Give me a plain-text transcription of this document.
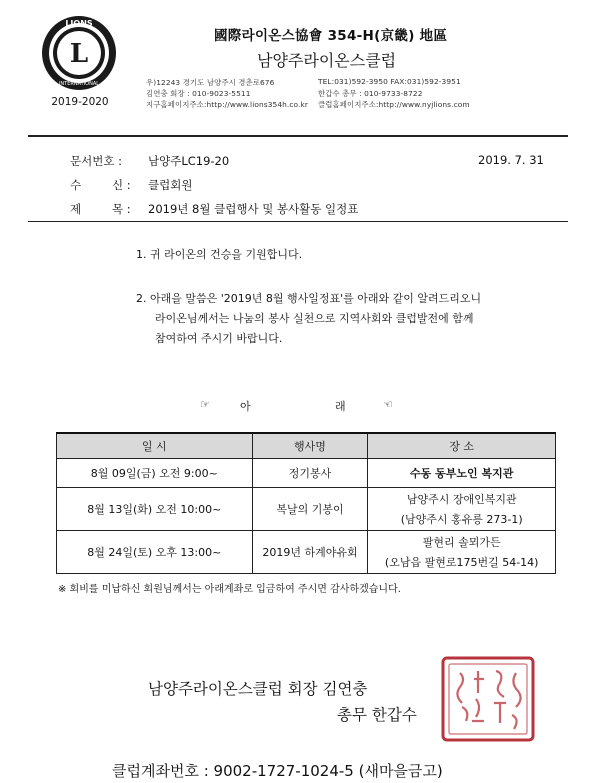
L
LIONS
INTERNATIONAL
2019-2020
國際라이온스協會 354-H(京畿) 地區
남양주라이온스클럽
우)12243 경기도 남양주시 경춘로676	TEL:031)592-3950 FAX:031)592-3951
김연충 회장 : 010-9023-5511	한갑수 총무 : 010-9733-8722
지구홈페이지주소:http://www.lions354h.co.kr 클럽홈페이지주소:http://www.nyjlions.com
문서번호 : 남양주LC19-20	2019. 7. 31
수	신 : 클럽회원
제	목 : 2019년 8월 클럽행사 및 봉사활동 일정표
1. 귀 라이온의 건승을 기원합니다.
2. 아래을 말씀은 '2019년 8월 행사일정표'를 아래와 같이 알려드리오니
라이온님께서는 나눔의 봉사 실천으로 지역사회와 클럽발전에 함께
참여하여 주시기 바랍니다.
☞	아	래	☜
일 시	행사명	장 소
8월 09일(금) 오전 9:00~	정기봉사	수동 동부노인 복지관
8월 13일(화) 오전 10:00~	복날의 기봉이	남양주시 장애인복지관
(남양주시 홍유릉 273-1)

8월 24일(토) 오후 13:00~	2019년 하계야유회	팔현리 솔뫼가든
(오남읍 팔현로175번길 54-14)
※ 회비를 미납하신 회원님께서는 아래계좌로 입금하여 주시면 감사하겠습니다.
남양주라이온스클럽 회장 김연충
총무 한갑수
클럽계좌번호 : 9002-1727-1024-5 (새마을금고)
